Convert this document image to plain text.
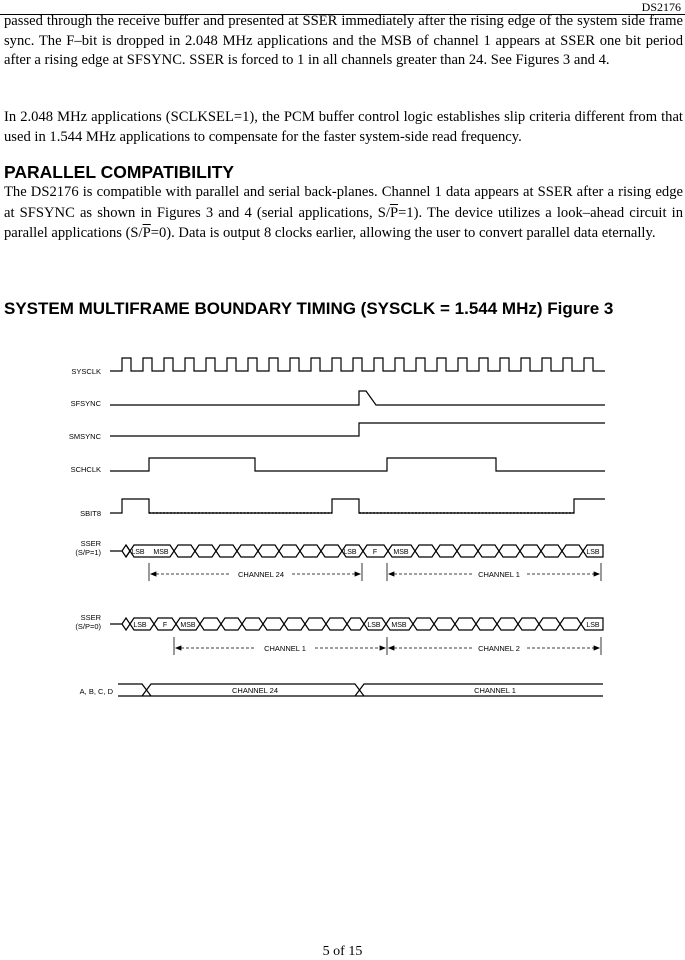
DS2176
passed through the receive buffer and presented at SSER immediately after the rising edge of the system side frame sync. The F–bit is dropped in 2.048 MHz applications and the MSB of channel 1 appears at SSER one bit period after a rising edge at SFSYNC. SSER is forced to 1 in all channels greater than 24. See Figures 3 and 4.
In 2.048 MHz applications (SCLKSEL=1), the PCM buffer control logic establishes slip criteria different from that used in 1.544 MHz applications to compensate for the faster system-side read frequency.
PARALLEL COMPATIBILITY
The DS2176 is compatible with parallel and serial back-planes. Channel 1 data appears at SSER after a rising edge at SFSYNC as shown in Figures 3 and 4 (serial applications, $S/\overline{P}=1$). The device utilizes a look–ahead circuit in parallel applications $(S/\overline{P}=0)$. Data is output 8 clocks earlier, allowing the user to convert parallel data eternally.
SYSTEM MULTIFRAME BOUNDARY TIMING (SYSCLK = 1.544 MHz) Figure 3
SYSCLK
SFSYNC
SMSYNC
SCHCLK
SBIT8
SSER
(S/P=1)
SSER
(S/P=0)
A, B, C, D
LSB MSB	LSB F MSB	LSB
CHANNEL 24	CHANNEL 1
LSB F MSB	LSB MSB	LSB
CHANNEL 1	CHANNEL 2
CHANNEL 24	CHANNEL 1
5 of 15
